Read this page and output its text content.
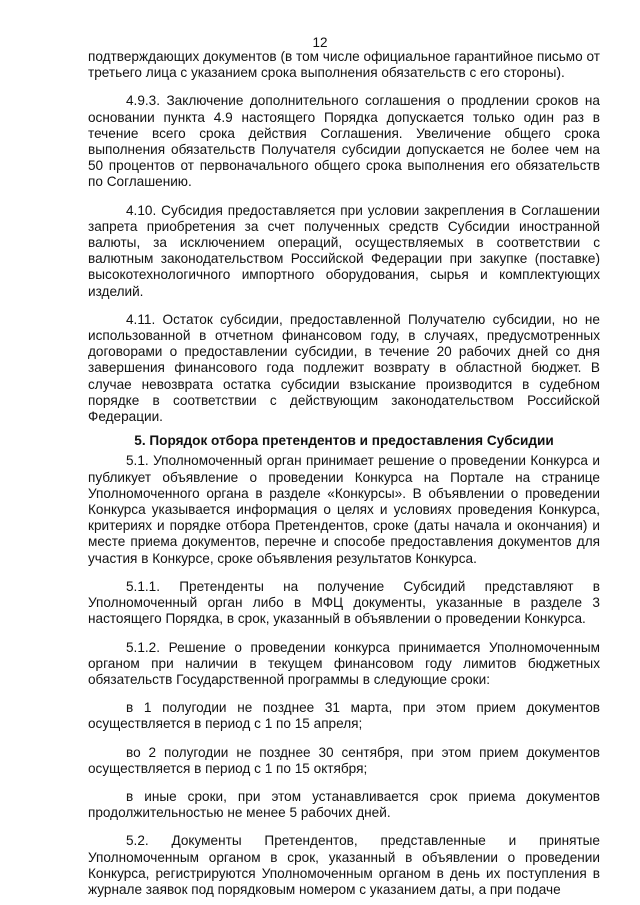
12

подтверждающих документов (в том числе официальное гарантийное письмо от третьего лица с указанием срока выполнения обязательств с его стороны).

4.9.3. Заключение дополнительного соглашения о продлении сроков на основании пункта 4.9 настоящего Порядка допускается только один раз в течение всего срока действия Соглашения. Увеличение общего срока выполнения обязательств Получателя субсидии допускается не более чем на 50 процентов от первоначального общего срока выполнения его обязательств по Соглашению.

4.10. Субсидия предоставляется при условии закрепления в Соглашении запрета приобретения за счет полученных средств Субсидии иностранной валюты, за исключением операций, осуществляемых в соответствии с валютным законодательством Российской Федерации при закупке (поставке) высокотехнологичного импортного оборудования, сырья и комплектующих изделий.

4.11. Остаток субсидии, предоставленной Получателю субсидии, но не использованной в отчетном финансовом году, в случаях, предусмотренных договорами о предоставлении субсидии, в течение 20 рабочих дней со дня завершения финансового года подлежит возврату в областной бюджет. В случае невозврата остатка субсидии взыскание производится в судебном порядке в соответствии с действующим законодательством Российской Федерации.

5. Порядок отбора претендентов и предоставления Субсидии

5.1. Уполномоченный орган принимает решение о проведении Конкурса и публикует объявление о проведении Конкурса на Портале на странице Уполномоченного органа в разделе «Конкурсы». В объявлении о проведении Конкурса указывается информация о целях и условиях проведения Конкурса, критериях и порядке отбора Претендентов, сроке (даты начала и окончания) и месте приема документов, перечне и способе предоставления документов для участия в Конкурсе, сроке объявления результатов Конкурса.

5.1.1. Претенденты на получение Субсидий представляют в Уполномоченный орган либо в МФЦ документы, указанные в разделе 3 настоящего Порядка, в срок, указанный в объявлении о проведении Конкурса.

5.1.2. Решение о проведении конкурса принимается Уполномоченным органом при наличии в текущем финансовом году лимитов бюджетных обязательств Государственной программы в следующие сроки:

в 1 полугодии не позднее 31 марта, при этом прием документов осуществляется в период с 1 по 15 апреля;

во 2 полугодии не позднее 30 сентября, при этом прием документов осуществляется в период с 1 по 15 октября;

в иные сроки, при этом устанавливается срок приема документов продолжительностью не менее 5 рабочих дней.

5.2. Документы Претендентов, представленные и принятые Уполномоченным органом в срок, указанный в объявлении о проведении Конкурса, регистрируются Уполномоченным органом в день их поступления в журнале заявок под порядковым номером с указанием даты, а при подаче
